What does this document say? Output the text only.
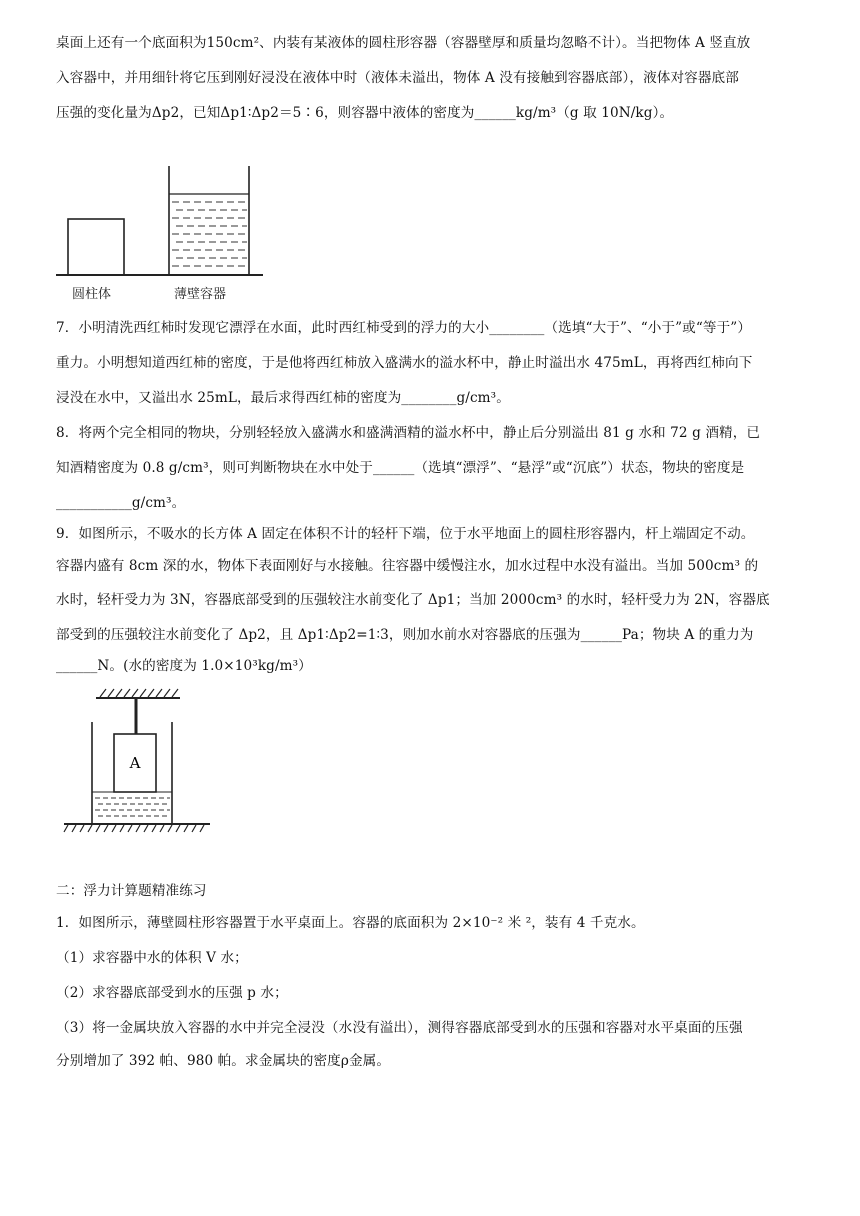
桌面上还有一个底面积为150cm²、内装有某液体的圆柱形容器（容器壁厚和质量均忽略不计）。当把物体 A 竖直放
入容器中，并用细针将它压到刚好浸没在液体中时（液体未溢出，物体 A 没有接触到容器底部），液体对容器底部
压强的变化量为Δp2，已知Δp1∶Δp2＝5∶6，则容器中液体的密度为______kg/m³（g 取 10N/kg）。
圆柱体	薄壁容器
7．小明清洗西红柿时发现它漂浮在水面，此时西红柿受到的浮力的大小________（选填“大于”、“小于”或“等于”）
重力。小明想知道西红柿的密度，于是他将西红柿放入盛满水的溢水杯中，静止时溢出水 475mL，再将西红柿向下
浸没在水中，又溢出水 25mL，最后求得西红柿的密度为________g/cm³。
8．将两个完全相同的物块，分别轻轻放入盛满水和盛满酒精的溢水杯中，静止后分别溢出 81 g 水和 72 g 酒精，已
知酒精密度为 0.8 g/cm³，则可判断物块在水中处于______（选填“漂浮”、“悬浮”或“沉底”）状态，物块的密度是
___________g/cm³。
9．如图所示，不吸水的长方体 A 固定在体积不计的轻杆下端，位于水平地面上的圆柱形容器内，杆上端固定不动。
容器内盛有 8cm 深的水，物体下表面刚好与水接触。往容器中缓慢注水，加水过程中水没有溢出。当加 500cm³ 的
水时，轻杆受力为 3N，容器底部受到的压强较注水前变化了 Δp1；当加 2000cm³ 的水时，轻杆受力为 2N，容器底
部受到的压强较注水前变化了 Δp2，且 Δp1∶Δp2=1∶3，则加水前水对容器底的压强为______Pa；物块 A 的重力为
______N。(水的密度为 1.0×10³kg/m³）
A
二：浮力计算题精准练习
1．如图所示，薄壁圆柱形容器置于水平桌面上。容器的底面积为 2×10⁻² 米 ²，装有 4 千克水。
（1）求容器中水的体积 V 水；
（2）求容器底部受到水的压强 p 水；
（3）将一金属块放入容器的水中并完全浸没（水没有溢出），测得容器底部受到水的压强和容器对水平桌面的压强
分别增加了 392 帕、980 帕。求金属块的密度ρ金属。
